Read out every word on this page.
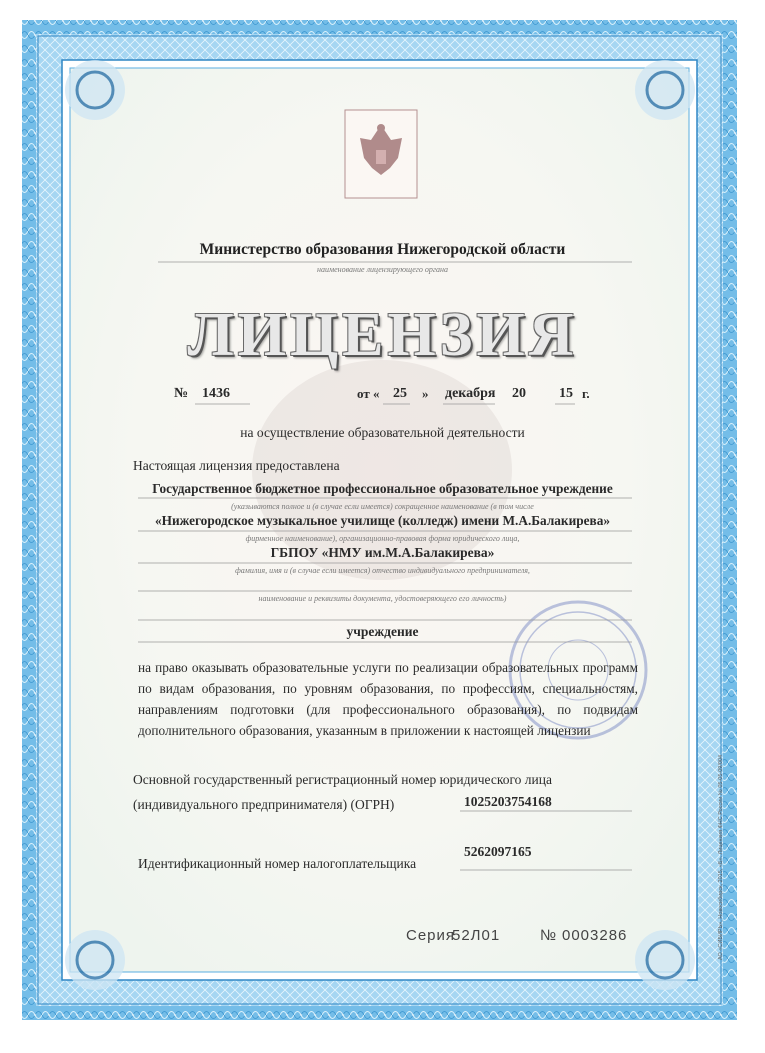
Министерство образования Нижегородской области
наименование лицензирующего органа
ЛИЦЕНЗИЯ
№ 1436	от « 25 » декабря 20 15 г.
на осуществление образовательной деятельности
Настоящая лицензия предоставлена
Государственное бюджетное профессиональное образовательное учреждение
(указываются полное и (в случае если имеется) сокращенное наименование (в том числе
«Нижегородское музыкальное училище (колледж) имени М.А.Балакирева»
фирменное наименование), организационно-правовая форма юридического лица,
ГБПОУ «НМУ им.М.А.Балакирева»
фамилия, имя и (в случае если имеется) отчество индивидуального предпринимателя,
наименование и реквизиты документа, удостоверяющего его личность)
учреждение
на право оказывать образовательные услуги по реализации образовательных программ по видам образования, по уровням образования, по профессиям, специальностям, направлениям подготовки (для профессионального образования), по подвидам дополнительного образования, указанным в приложении к настоящей лицензии
Основной государственный регистрационный номер юридического лица
(индивидуального предпринимателя) (ОГРН)	1025203754168
5262097165
Идентификационный номер налогоплательщика
Серия
52Л01	№ 0003286	АО «СИБИРЬ», Новосибирск, 2015, «Б». Лицензия ФНС России № 05-05-09/004
